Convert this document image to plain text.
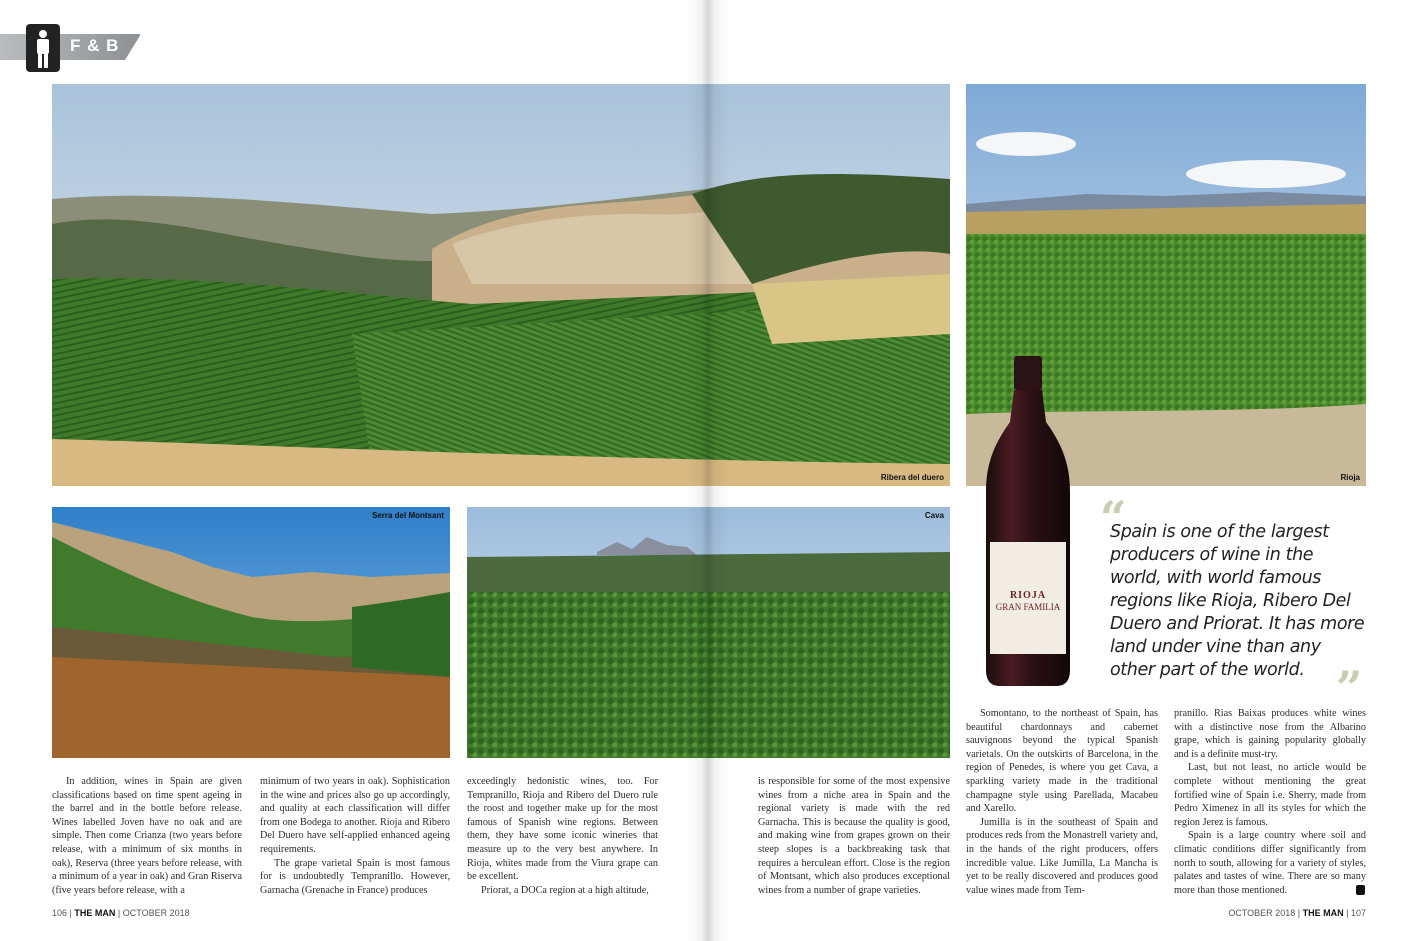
F & B
Ribera del duero	Rioja
Serra del Montsant	Cava
RIOJA
GRAN FAMILIA
“
Spain is one of the largest producers of wine in the world, with world famous regions like Rioja, Ribero Del Duero and Priorat. It has more land under vine than any other part of the world. ”

In addition, wines in Spain are given classifications based on time spent ageing in the barrel and in the bottle before release. Wines labelled Joven have no oak and are simple. Then come Crianza (two years before release, with a minimum of six months in oak), Reserva (three years before release, with a minimum of a year in oak) and Gran Riserva (five years before release, with a

minimum of two years in oak). Sophistication in the wine and prices also go up accordingly, and quality at each classification will differ from one Bodega to another. Rioja and Ribero Del Duero have self-applied enhanced ageing requirements.

The grape varietal Spain is most famous for is undoubtedly Tempranillo. However, Garnacha (Grenache in France) produces

exceedingly hedonistic wines, too. For Tempranillo, Rioja and Ribero del Duero rule the roost and together make up for the most famous of Spanish wine regions. Between them, they have some iconic wineries that measure up to the very best anywhere. In Rioja, whites made from the Viura grape can be excellent.

Priorat, a DOCa region at a high altitude,

is responsible for some of the most expensive wines from a niche area in Spain and the regional variety is made with the red Garnacha. This is because the quality is good, and making wine from grapes grown on their steep slopes is a backbreaking task that requires a herculean effort. Close is the region of Montsant, which also produces exceptional wines from a number of grape varieties.

Somontano, to the northeast of Spain, has beautiful chardonnays and cabernet sauvignons beyond the typical Spanish varietals. On the outskirts of Barcelona, in the region of Penedes, is where you get Cava, a sparkling variety made in the traditional champagne style using Parellada, Macabeu and Xarello.

Jumilla is in the southeast of Spain and produces reds from the Monastrell variety and, in the hands of the right producers, offers incredible value. Like Jumilla, La Mancha is yet to be really discovered and produces good value wines made from Tem-

pranillo. Rias Baixas produces white wines with a distinctive nose from the Albarino grape, which is gaining popularity globally and is a definite must-try.

Last, but not least, no article would be complete without mentioning the great fortified wine of Spain i.e. Sherry, made from Pedro Ximenez in all its styles for which the region Jerez is famous.

Spain is a large country where soil and climatic conditions differ significantly from north to south, allowing for a variety of styles, palates and tastes of wine. There are so many more than those mentioned.

106 | THE MAN | OCTOBER 2018	OCTOBER 2018 | THE MAN | 107
